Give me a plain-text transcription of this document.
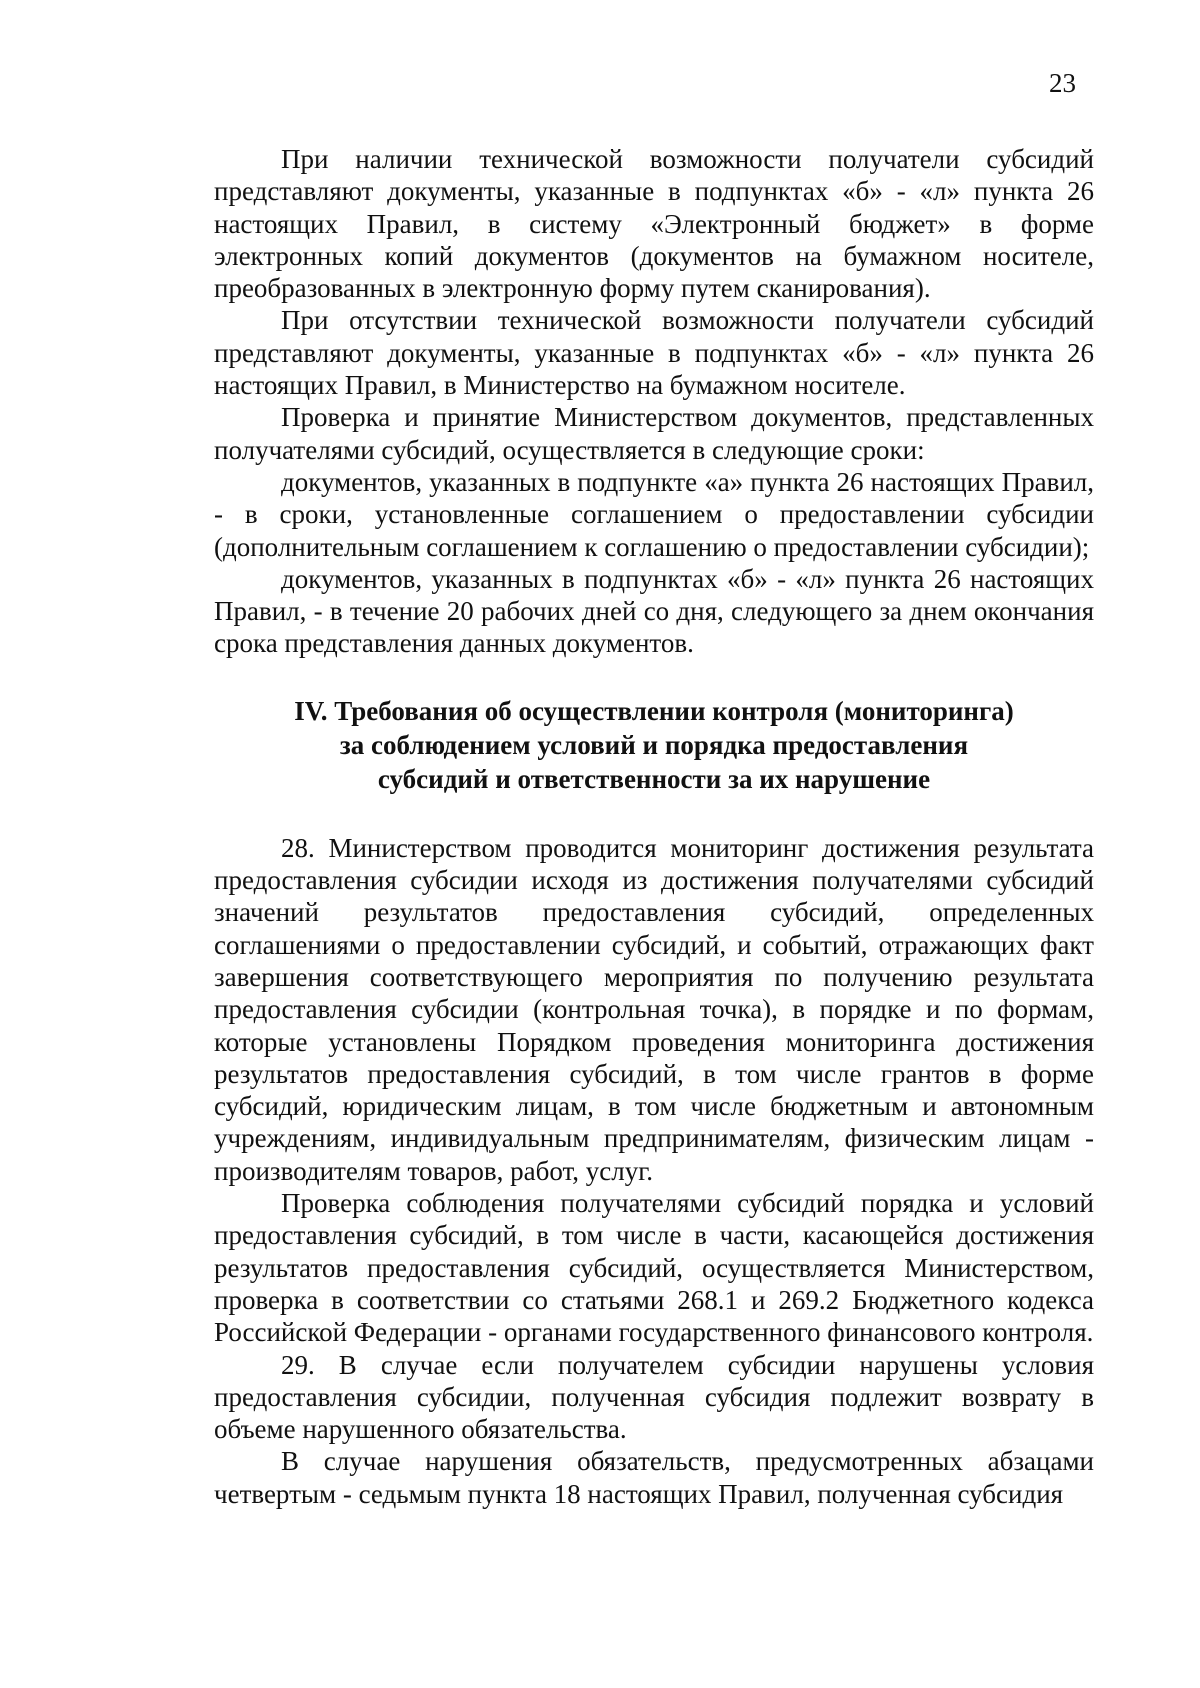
23

При наличии технической возможности получатели субсидий представляют документы, указанные в подпунктах «б» - «л» пункта 26 настоящих Правил, в систему «Электронный бюджет» в форме электронных копий документов (документов на бумажном носителе, преобразованных в электронную форму путем сканирования).

При отсутствии технической возможности получатели субсидий представляют документы, указанные в подпунктах «б» - «л» пункта 26 настоящих Правил, в Министерство на бумажном носителе.

Проверка и принятие Министерством документов, представленных получателями субсидий, осуществляется в следующие сроки:

документов, указанных в подпункте «а» пункта 26 настоящих Правил, - в сроки, установленные соглашением о предоставлении субсидии (дополнительным соглашением к соглашению о предоставлении субсидии);

документов, указанных в подпунктах «б» - «л» пункта 26 настоящих Правил, - в течение 20 рабочих дней со дня, следующего за днем окончания срока представления данных документов.

IV. Требования об осуществлении контроля (мониторинга)
за соблюдением условий и порядка предоставления
субсидий и ответственности за их нарушение

28. Министерством проводится мониторинг достижения результата предоставления субсидии исходя из достижения получателями субсидий значений результатов предоставления субсидий, определенных соглашениями о предоставлении субсидий, и событий, отражающих факт завершения соответствующего мероприятия по получению результата предоставления субсидии (контрольная точка), в порядке и по формам, которые установлены Порядком проведения мониторинга достижения результатов предоставления субсидий, в том числе грантов в форме субсидий, юридическим лицам, в том числе бюджетным и автономным учреждениям, индивидуальным предпринимателям, физическим лицам - производителям товаров, работ, услуг.

Проверка соблюдения получателями субсидий порядка и условий предоставления субсидий, в том числе в части, касающейся достижения результатов предоставления субсидий, осуществляется Министерством, проверка в соответствии со статьями 268.1 и 269.2 Бюджетного кодекса Российской Федерации - органами государственного финансового контроля.

29. В случае если получателем субсидии нарушены условия предоставления субсидии, полученная субсидия подлежит возврату в объеме нарушенного обязательства.

В случае нарушения обязательств, предусмотренных абзацами четвертым - седьмым пункта 18 настоящих Правил, полученная субсидия
